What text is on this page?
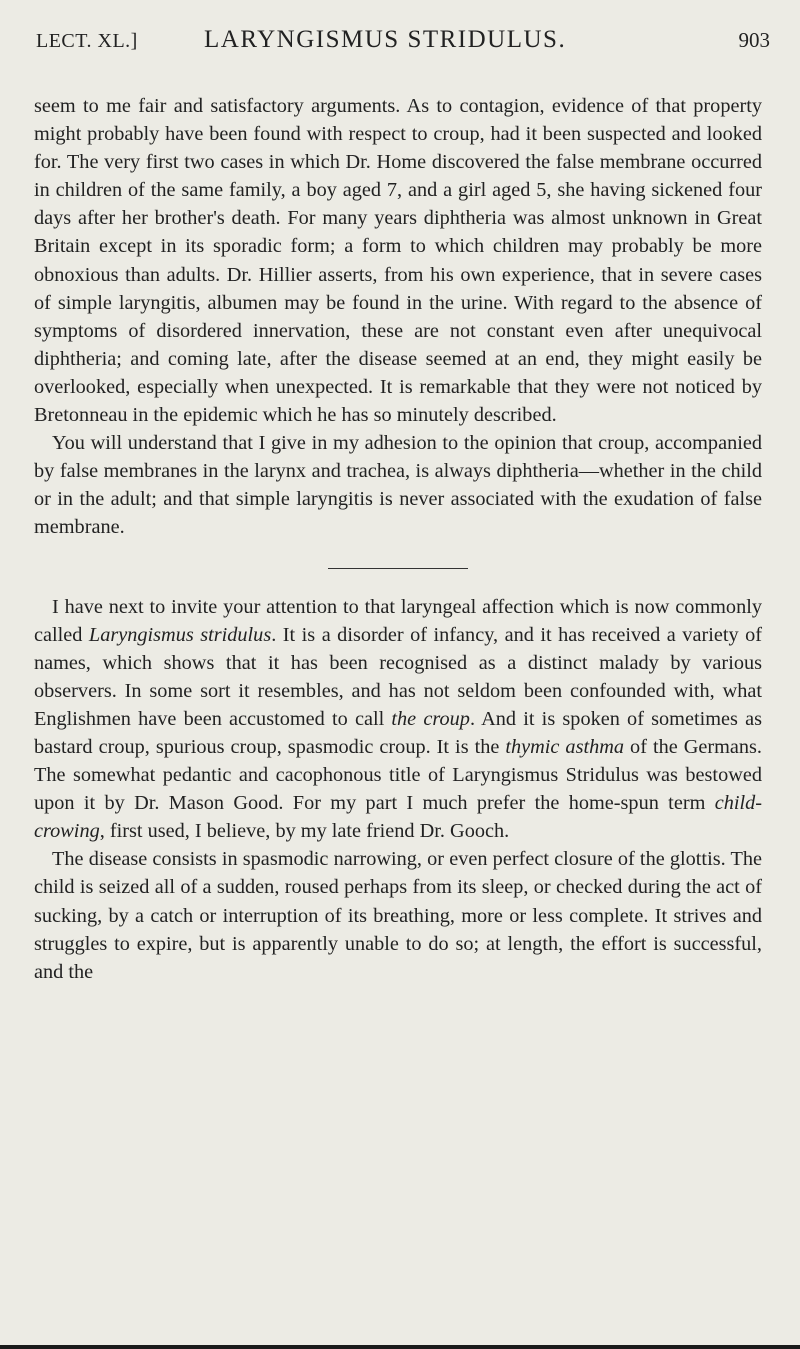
LECT. XL.]	LARYNGISMUS STRIDULUS.	903

seem to me fair and satisfactory arguments. As to contagion, evidence of that property might probably have been found with respect to croup, had it been suspected and looked for. The very first two cases in which Dr. Home discovered the false membrane occurred in children of the same family, a boy aged 7, and a girl aged 5, she having sickened four days after her brother's death. For many years diphtheria was almost unknown in Great Britain except in its sporadic form; a form to which children may probably be more obnoxious than adults. Dr. Hillier asserts, from his own experience, that in severe cases of simple laryngitis, albumen may be found in the urine. With regard to the absence of symptoms of disordered innervation, these are not constant even after unequivocal diphtheria; and coming late, after the disease seemed at an end, they might easily be overlooked, especially when unexpected. It is remarkable that they were not noticed by Bretonneau in the epidemic which he has so minutely described.

You will understand that I give in my adhesion to the opinion that croup, accompanied by false membranes in the larynx and trachea, is always diphtheria—whether in the child or in the adult; and that simple laryngitis is never associated with the exudation of false membrane.

I have next to invite your attention to that laryngeal affection which is now commonly called Laryngismus stridulus. It is a disorder of infancy, and it has received a variety of names, which shows that it has been recognised as a distinct malady by various observers. In some sort it resembles, and has not seldom been confounded with, what Englishmen have been accustomed to call the croup. And it is spoken of sometimes as bastard croup, spurious croup, spasmodic croup. It is the thymic asthma of the Germans. The somewhat pedantic and cacophonous title of Laryngismus Stridulus was bestowed upon it by Dr. Mason Good. For my part I much prefer the home-spun term child-crowing, first used, I believe, by my late friend Dr. Gooch.

The disease consists in spasmodic narrowing, or even perfect closure of the glottis. The child is seized all of a sudden, roused perhaps from its sleep, or checked during the act of sucking, by a catch or interruption of its breathing, more or less complete. It strives and struggles to expire, but is apparently unable to do so; at length, the effort is successful, and the
